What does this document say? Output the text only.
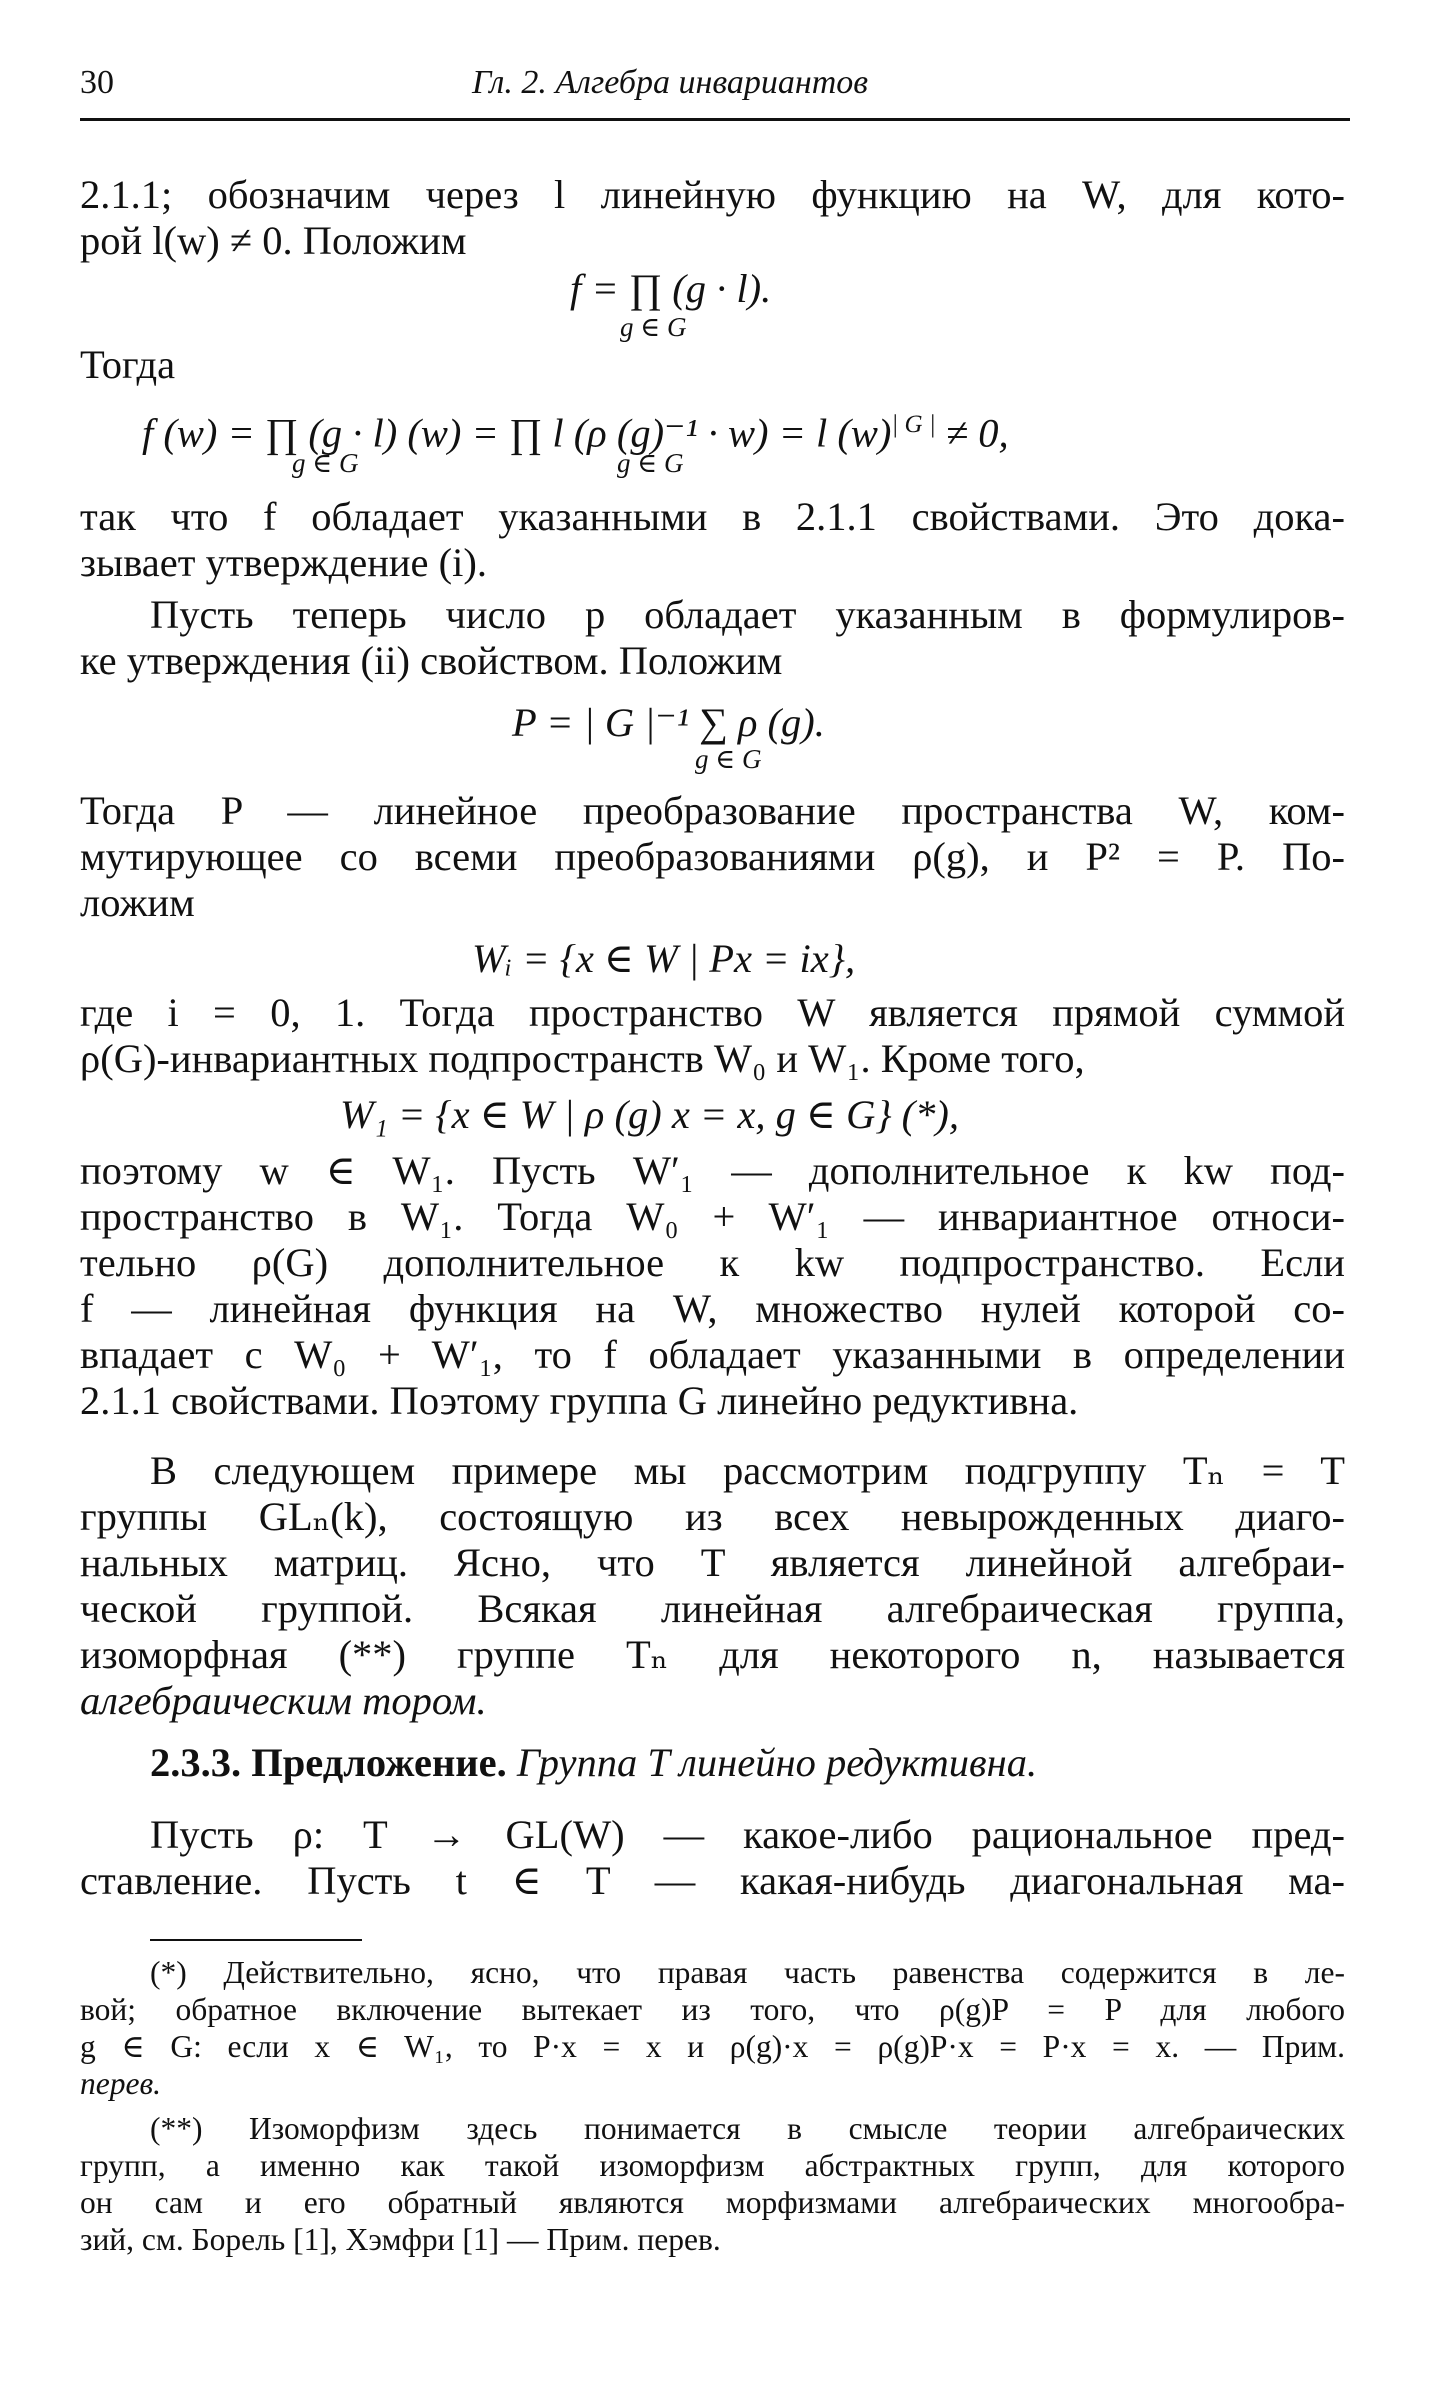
30	Гл. 2. Алгебра инвариантов
2.1.1; обозначим через l линейную функцию на W, для кото-
рой l(w) ≠ 0. Положим
f = ∏ (g · l).
g ∈ G
Тогда
f (w) = ∏ (g · l) (w) = ∏ l (ρ (g)⁻¹ · w) = l $(w)^{| G |} \ne 0$,
g ∈ G	g ∈ G
так что f обладает указанными в 2.1.1 свойствами. Это дока-
зывает утверждение (i).
Пусть теперь число p обладает указанным в формулиров-
ке утверждения (ii) свойством. Положим
P = | G |⁻¹ ∑ ρ (g).
g ∈ G
Тогда P — линейное преобразование пространства W, ком-
мутирующее со всеми преобразованиями ρ(g), и P² = P. По-
ложим
Wᵢ = {x ∈ W | Px = ix},
где i = 0, 1. Тогда пространство W является прямой суммой
ρ(G)-инвариантных подпространств W₀ и W₁. Кроме того,
W₁ = {x ∈ W | ρ (g) x = x, g ∈ G} (*),
поэтому w ∈ W₁. Пусть W′₁ — дополнительное к kw под-
пространство в W₁. Тогда W₀ + W′₁ — инвариантное относи-
тельно ρ(G) дополнительное к kw подпространство. Если
f — линейная функция на W, множество нулей которой со-
впадает с W₀ + W′₁, то f обладает указанными в определении
2.1.1 свойствами. Поэтому группа G линейно редуктивна.
В следующем примере мы рассмотрим подгруппу Tₙ = T
группы GLₙ(k), состоящую из всех невырожденных диаго-
нальных матриц. Ясно, что T является линейной алгебраи-
ческой группой. Всякая линейная алгебраическая группа,
изоморфная (**) группе Tₙ для некоторого n, называется
алгебраическим тором.
2.3.3. Предложение. Группа T линейно редуктивна.
Пусть ρ: T → GL(W) — какое-либо рациональное пред-
ставление. Пусть t ∈ T — какая-нибудь диагональная ма-
(*) Действительно, ясно, что правая часть равенства содержится в ле-
вой; обратное включение вытекает из того, что ρ(g)P = P для любого
g ∈ G: если x ∈ W₁, то P·x = x и ρ(g)·x = ρ(g)P·x = P·x = x. — Прим.
перев.
(**) Изоморфизм здесь понимается в смысле теории алгебраических
групп, а именно как такой изоморфизм абстрактных групп, для которого
он сам и его обратный являются морфизмами алгебраических многообра-
зий, см. Борель [1], Хэмфри [1] — Прим. перев.
